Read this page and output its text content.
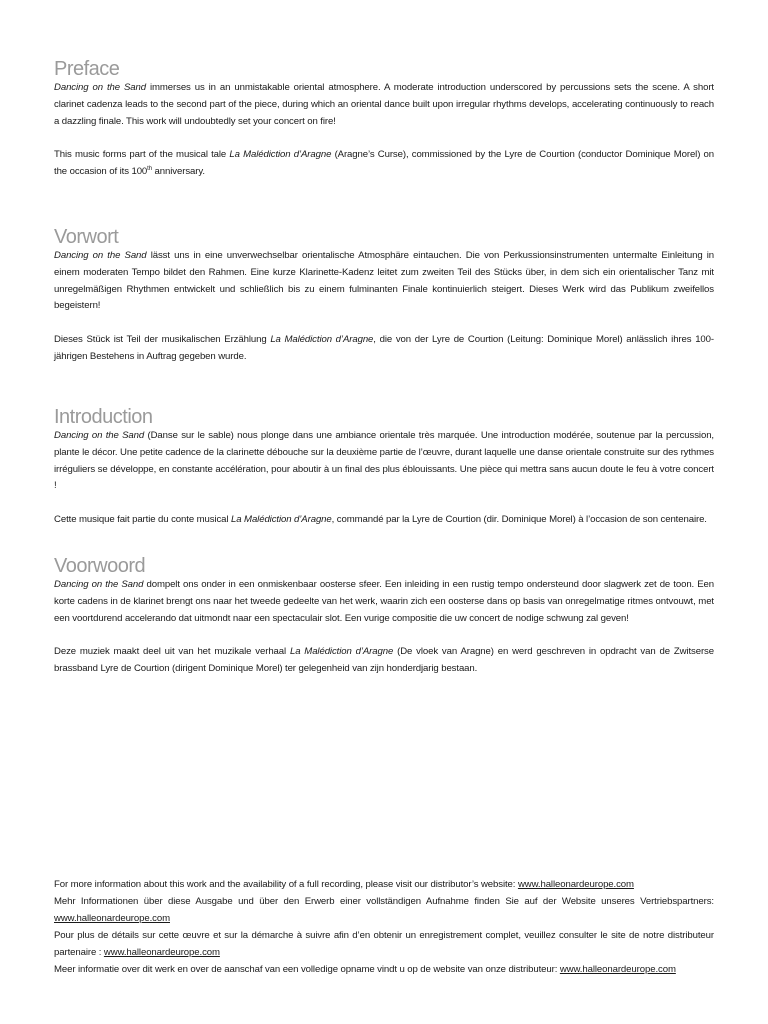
Preface

Dancing on the Sand immerses us in an unmistakable oriental atmosphere. A moderate introduction underscored by percussions sets the scene. A short clarinet cadenza leads to the second part of the piece, during which an oriental dance built upon irregular rhythms develops, accelerating continuously to reach a dazzling finale. This work will undoubtedly set your concert on fire!

This music forms part of the musical tale La Malédiction d’Aragne (Aragne’s Curse), commissioned by the Lyre de Courtion (conductor Dominique Morel) on the occasion of its 100th anniversary.

Vorwort

Dancing on the Sand lässt uns in eine unverwechselbar orientalische Atmosphäre eintauchen. Die von Perkussionsinstrumenten untermalte Einleitung in einem moderaten Tempo bildet den Rahmen. Eine kurze Klarinette-Kadenz leitet zum zweiten Teil des Stücks über, in dem sich ein orientalischer Tanz mit unregelmäßigen Rhythmen entwickelt und schließlich bis zu einem fulminanten Finale kontinuierlich steigert. Dieses Werk wird das Publikum zweifellos begeistern!

Dieses Stück ist Teil der musikalischen Erzählung La Malédiction d’Aragne, die von der Lyre de Courtion (Leitung: Dominique Morel) anlässlich ihres 100-jährigen Bestehens in Auftrag gegeben wurde.

Introduction

Dancing on the Sand (Danse sur le sable) nous plonge dans une ambiance orientale très marquée. Une introduction modérée, soutenue par la percussion, plante le décor. Une petite cadence de la clarinette débouche sur la deuxième partie de l’œuvre, durant laquelle une danse orientale construite sur des rythmes irréguliers se développe, en constante accélération, pour aboutir à un final des plus éblouissants. Une pièce qui mettra sans aucun doute le feu à votre concert !

Cette musique fait partie du conte musical La Malédiction d’Aragne, commandé par la Lyre de Courtion (dir. Dominique Morel) à l’occasion de son centenaire.

Voorwoord

Dancing on the Sand dompelt ons onder in een onmiskenbaar oosterse sfeer. Een inleiding in een rustig tempo ondersteund door slagwerk zet de toon. Een korte cadens in de klarinet brengt ons naar het tweede gedeelte van het werk, waarin zich een oosterse dans op basis van onregelmatige ritmes ontvouwt, met een voortdurend accelerando dat uitmondt naar een spectaculair slot. Een vurige compositie die uw concert de nodige schwung zal geven!

Deze muziek maakt deel uit van het muzikale verhaal La Malédiction d’Aragne (De vloek van Aragne) en werd geschreven in opdracht van de Zwitserse brassband Lyre de Courtion (dirigent Dominique Morel) ter gelegenheid van zijn honderdjarig bestaan.

For more information about this work and the availability of a full recording, please visit our distributor’s website: www.halleonardeurope.com

Mehr Informationen über diese Ausgabe und über den Erwerb einer vollständigen Aufnahme finden Sie auf der Website unseres Vertriebspartners: www.halleonardeurope.com

Pour plus de détails sur cette œuvre et sur la démarche à suivre afin d’en obtenir un enregistrement complet, veuillez consulter le site de notre distributeur partenaire : www.halleonardeurope.com

Meer informatie over dit werk en over de aanschaf van een volledige opname vindt u op de website van onze distributeur: www.halleonardeurope.com
